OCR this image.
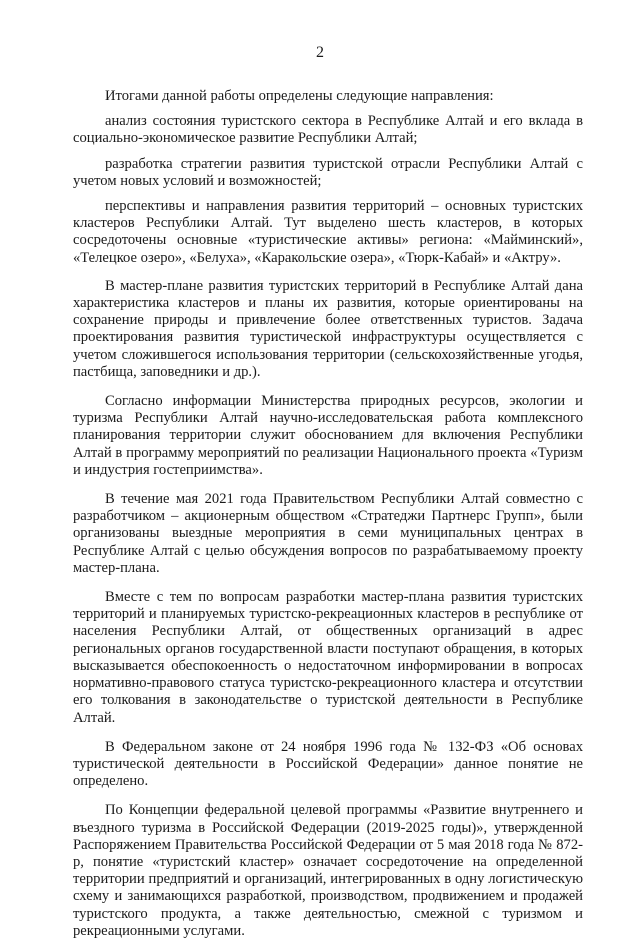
2

Итогами данной работы определены следующие направления:

анализ состояния туристского сектора в Республике Алтай и его вклада в социально-экономическое развитие Республики Алтай;

разработка стратегии развития туристской отрасли Республики Алтай с учетом новых условий и возможностей;

перспективы и направления развития территорий – основных туристских кластеров Республики Алтай. Тут выделено шесть кластеров, в которых сосредоточены основные «туристические активы» региона: «Майминский», «Телецкое озеро», «Белуха», «Каракольские озера», «Тюрк-Кабай» и «Актру».

В мастер-плане развития туристских территорий в Республике Алтай дана характеристика кластеров и планы их развития, которые ориентированы на сохранение природы и привлечение более ответственных туристов. Задача проектирования развития туристической инфраструктуры осуществляется с учетом сложившегося использования территории (сельскохозяйственные угодья, пастбища, заповедники и др.).

Согласно информации Министерства природных ресурсов, экологии и туризма Республики Алтай научно-исследовательская работа комплексного планирования территории служит обоснованием для включения Республики Алтай в программу мероприятий по реализации Национального проекта «Туризм и индустрия гостеприимства».

В течение мая 2021 года Правительством Республики Алтай совместно с разработчиком – акционерным обществом «Стратеджи Партнерс Групп», были организованы выездные мероприятия в семи муниципальных центрах в Республике Алтай с целью обсуждения вопросов по разрабатываемому проекту мастер-плана.

Вместе с тем по вопросам разработки мастер-плана развития туристских территорий и планируемых туристско-рекреационных кластеров в республике от населения Республики Алтай, от общественных организаций в адрес региональных органов государственной власти поступают обращения, в которых высказывается обеспокоенность о недостаточном информировании в вопросах нормативно-правового статуса туристско-рекреационного кластера и отсутствии его толкования в законодательстве о туристской деятельности в Республике Алтай.

В Федеральном законе от 24 ноября 1996 года № 132-ФЗ «Об основах туристической деятельности в Российской Федерации» данное понятие не определено.

По Концепции федеральной целевой программы «Развитие внутреннего и въездного туризма в Российской Федерации (2019-2025 годы)», утвержденной Распоряжением Правительства Российской Федерации от 5 мая 2018 года № 872-р, понятие «туристский кластер» означает сосредоточение на определенной территории предприятий и организаций, интегрированных в одну логистическую схему и занимающихся разработкой, производством, продвижением и продажей туристского продукта, а также деятельностью, смежной с туризмом и рекреационными услугами.
